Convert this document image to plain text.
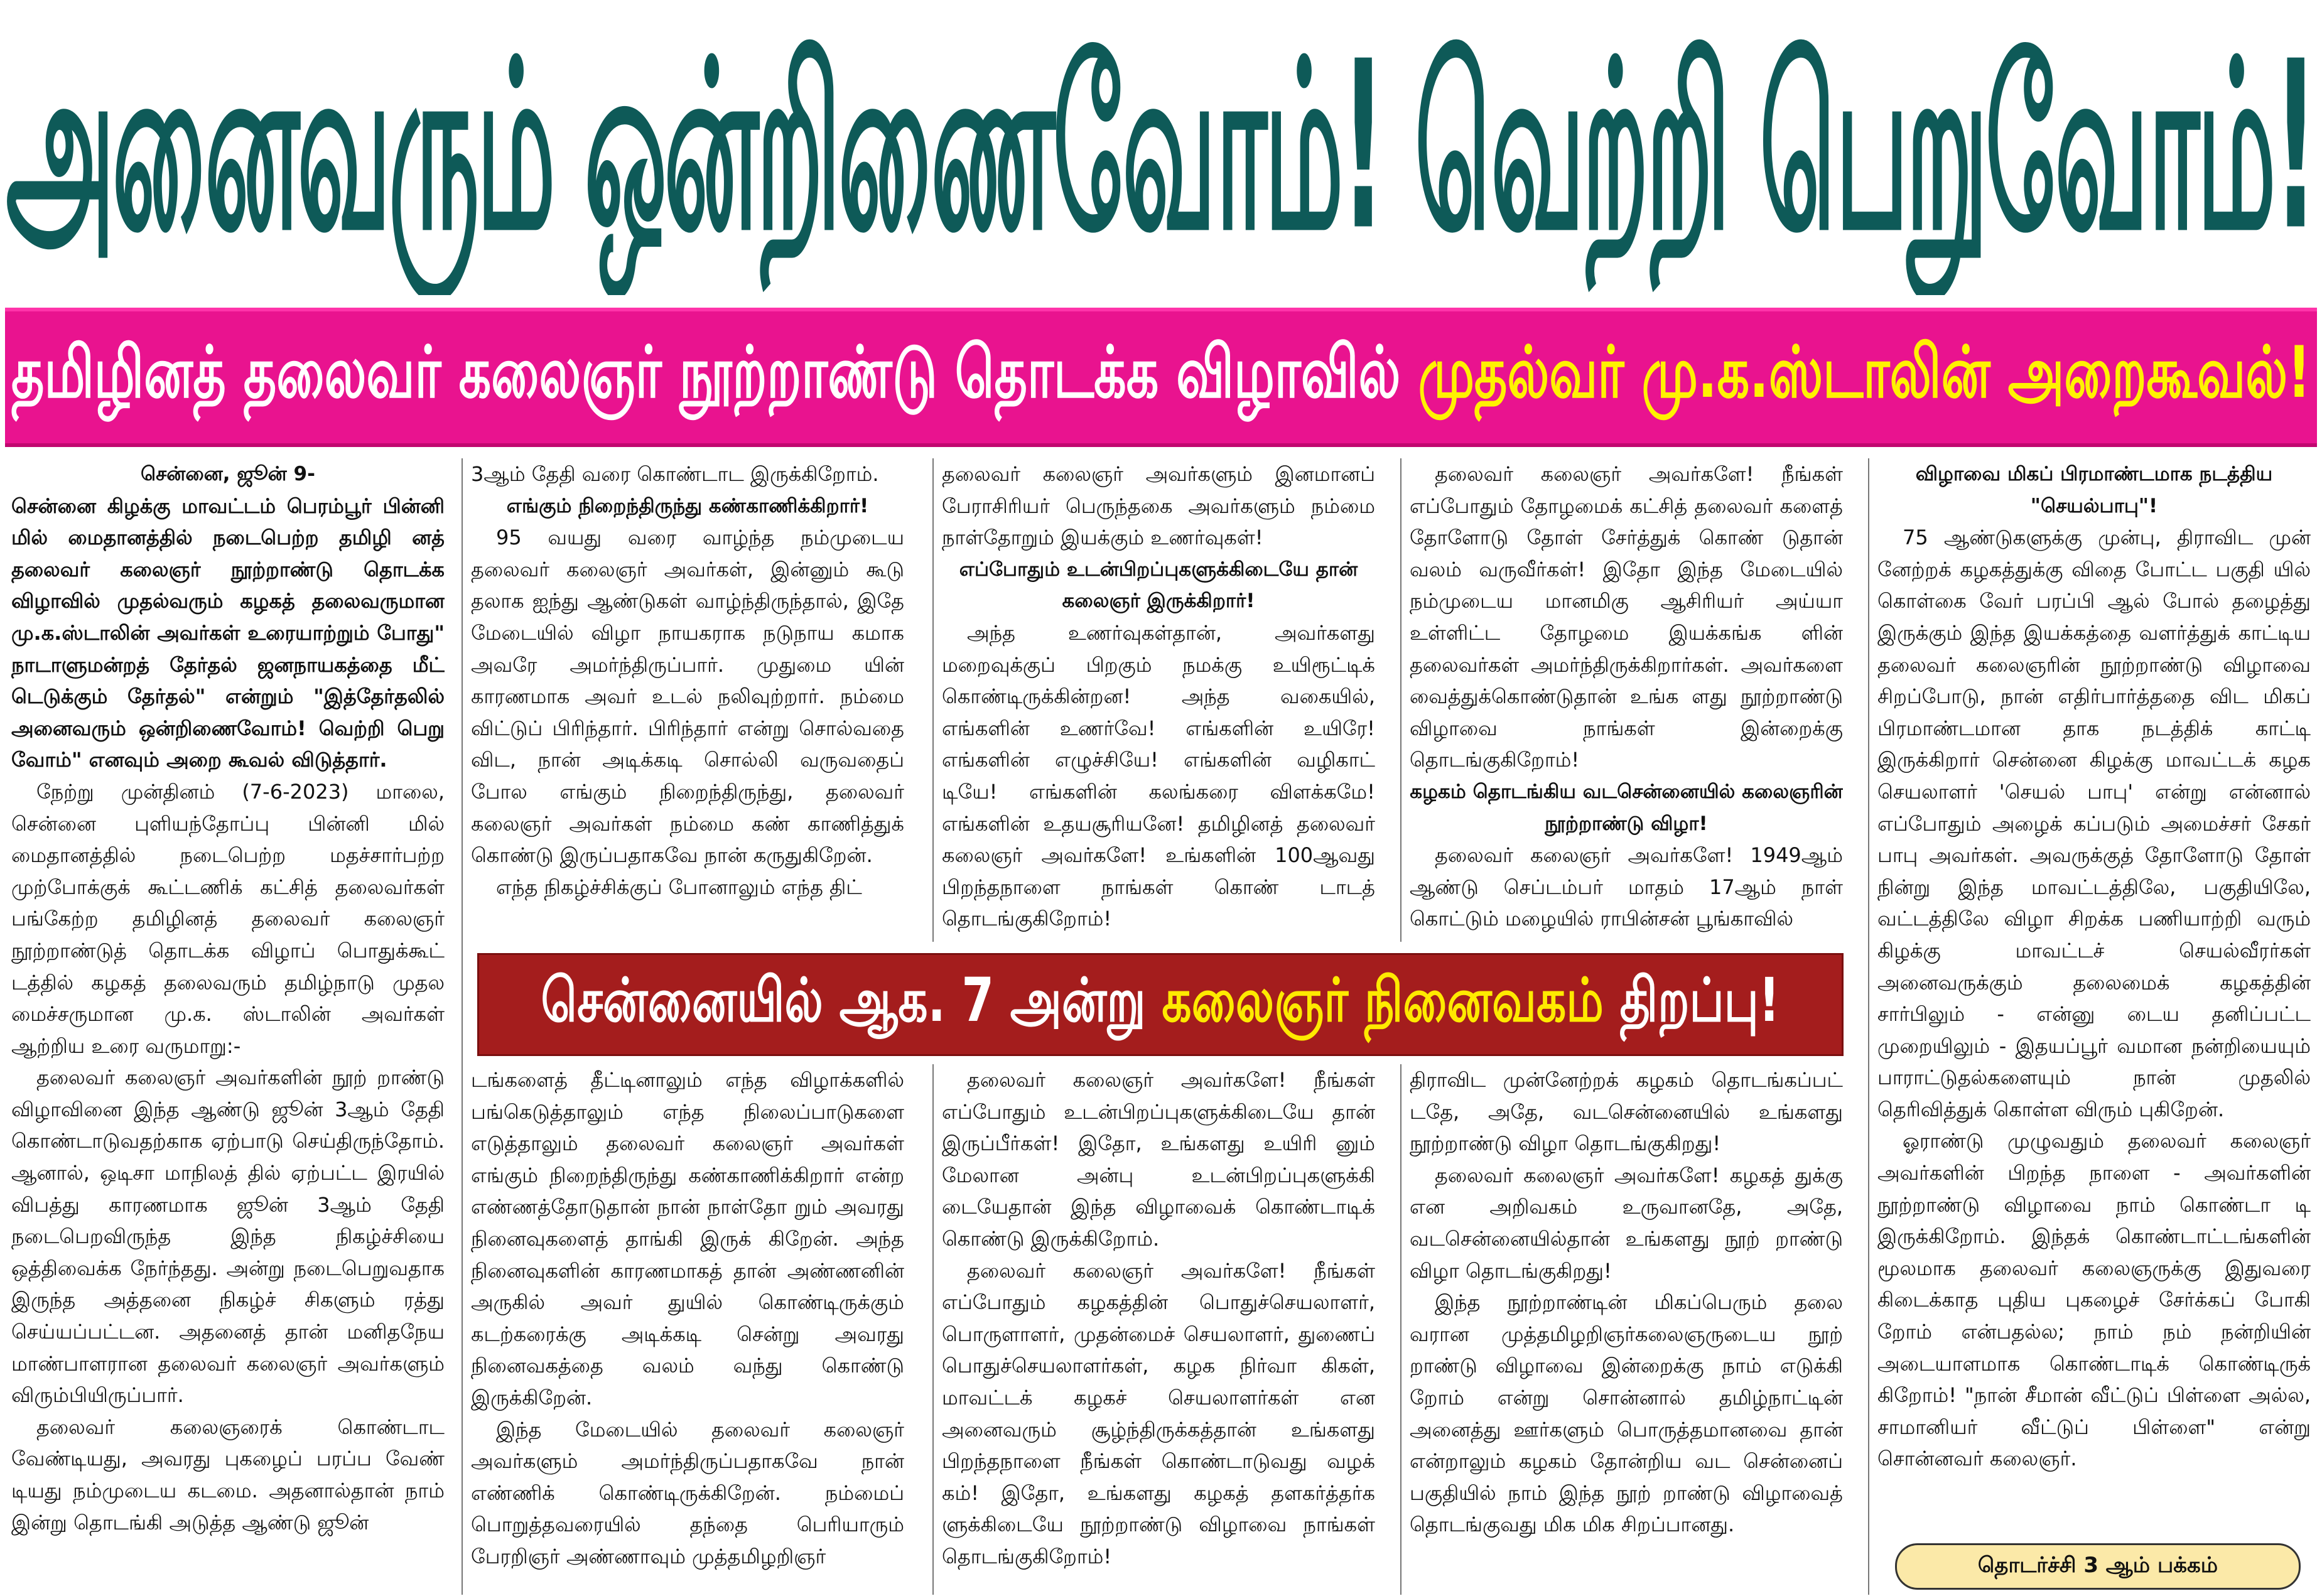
அனைவரும் ஒன்றிணைவோம்! வெற்றி பெறுவோம்!
தமிழினத் தலைவர் கலைஞர் நூற்றாண்டு தொடக்க விழாவில் முதல்வர் மு.க.ஸ்டாலின் அறைகூவல்!

சென்னை, ஜூன் 9-

சென்னை கிழக்கு மாவட்டம் பெரம்பூர் பின்னி மில் மைதானத்தில் நடைபெற்ற தமிழி னத் தலைவர் கலைஞர் நூற்றாண்டு தொடக்க விழாவில் முதல்வரும் கழகத் தலைவருமான மு.க.ஸ்டாலின் அவர்கள் உரையாற்றும் போது" நாடாளுமன்றத் தேர்தல் ஜனநாயகத்தை மீட் டெடுக்கும் தேர்தல்" என்றும் "இத்தேர்தலில் அனைவரும் ஒன்றிணைவோம்! வெற்றி பெறு வோம்" எனவும் அறை கூவல் விடுத்தார்.

நேற்று முன்தினம் (7-6-2023) மாலை, சென்னை புளியந்தோப்பு பின்னி மில் மைதானத்தில் நடைபெற்ற மதச்சார்பற்ற முற்போக்குக் கூட்டணிக் கட்சித் தலைவர்கள் பங்கேற்ற தமிழினத் தலைவர் கலைஞர் நூற்றாண்டுத் தொடக்க விழாப் பொதுக்கூட் டத்தில் கழகத் தலைவரும் தமிழ்நாடு முதல மைச்சருமான மு.க. ஸ்டாலின் அவர்கள் ஆற்றிய உரை வருமாறு:-

தலைவர் கலைஞர் அவர்களின் நூற் றாண்டு விழாவினை இந்த ஆண்டு ஜூன் 3ஆம் தேதி கொண்டாடுவதற்காக ஏற்பாடு செய்திருந்தோம். ஆனால், ஒடிசா மாநிலத் தில் ஏற்பட்ட இரயில் விபத்து காரணமாக ஜூன் 3ஆம் தேதி நடைபெறவிருந்த இந்த நிகழ்ச்சியை ஒத்திவைக்க நேர்ந்தது. அன்று நடைபெறுவதாக இருந்த அத்தனை நிகழ்ச் சிகளும் ரத்து செய்யப்பட்டன. அதனைத் தான் மனிதநேய மாண்பாளரான தலைவர் கலைஞர் அவர்களும் விரும்பியிருப்பார்.

தலைவர் கலைஞரைக் கொண்டாட வேண்டியது, அவரது புகழைப் பரப்ப வேண் டியது நம்முடைய கடமை. அதனால்தான் நாம் இன்று தொடங்கி அடுத்த ஆண்டு ஜூன்

3ஆம் தேதி வரை கொண்டாட இருக்கிறோம்.

எங்கும் நிறைந்திருந்து கண்காணிக்கிறார்!

95 வயது வரை வாழ்ந்த நம்முடைய தலைவர் கலைஞர் அவர்கள், இன்னும் கூடு தலாக ஐந்து ஆண்டுகள் வாழ்ந்திருந்தால், இதே மேடையில் விழா நாயகராக நடுநாய கமாக அவரே அமர்ந்திருப்பார். முதுமை யின் காரணமாக அவர் உடல் நலிவுற்றார். நம்மை விட்டுப் பிரிந்தார். பிரிந்தார் என்று சொல்வதை விட, நான் அடிக்கடி சொல்லி வருவதைப் போல எங்கும் நிறைந்திருந்து, தலைவர் கலைஞர் அவர்கள் நம்மை கண் காணித்துக் கொண்டு இருப்பதாகவே நான் கருதுகிறேன்.

எந்த நிகழ்ச்சிக்குப் போனாலும் எந்த திட்

தலைவர் கலைஞர் அவர்களும் இனமானப் பேராசிரியர் பெருந்தகை அவர்களும் நம்மை நாள்தோறும் இயக்கும் உணர்வுகள்!

எப்போதும் உடன்பிறப்புகளுக்கிடையே தான் கலைஞர் இருக்கிறார்!

அந்த உணர்வுகள்தான், அவர்களது மறைவுக்குப் பிறகும் நமக்கு உயிரூட்டிக் கொண்டிருக்கின்றன! அந்த வகையில், எங்களின் உணர்வே! எங்களின் உயிரே! எங்களின் எழுச்சியே! எங்களின் வழிகாட் டியே! எங்களின் கலங்கரை விளக்கமே! எங்களின் உதயசூரியனே! தமிழினத் தலைவர் கலைஞர் அவர்களே! உங்களின் 100ஆவது பிறந்தநாளை நாங்கள் கொண் டாடத் தொடங்குகிறோம்!

தலைவர் கலைஞர் அவர்களே! நீங்கள் எப்போதும் தோழமைக் கட்சித் தலைவர் களைத் தோளோடு தோள் சேர்த்துக் கொண் டுதான் வலம் வருவீர்கள்! இதோ இந்த மேடையில் நம்முடைய மானமிகு ஆசிரியர் அய்யா உள்ளிட்ட தோழமை இயக்கங்க ளின் தலைவர்கள் அமர்ந்திருக்கிறார்கள். அவர்களை வைத்துக்கொண்டுதான் உங்க ளது நூற்றாண்டு விழாவை நாங்கள் இன்றைக்கு தொடங்குகிறோம்!

கழகம் தொடங்கிய வடசென்னையில் கலைஞரின் நூற்றாண்டு விழா!

தலைவர் கலைஞர் அவர்களே! 1949ஆம் ஆண்டு செப்டம்பர் மாதம் 17ஆம் நாள் கொட்டும் மழையில் ராபின்சன் பூங்காவில்

விழாவை மிகப் பிரமாண்டமாக நடத்திய "செயல்பாபு"!

75 ஆண்டுகளுக்கு முன்பு, திராவிட முன் னேற்றக் கழகத்துக்கு விதை போட்ட பகுதி யில் கொள்கை வேர் பரப்பி ஆல் போல் தழைத்து இருக்கும் இந்த இயக்கத்தை வளர்த்துக் காட்டிய தலைவர் கலைஞரின் நூற்றாண்டு விழாவை சிறப்போடு, நான் எதிர்பார்த்ததை விட மிகப் பிரமாண்டமான தாக நடத்திக் காட்டி இருக்கிறார் சென்னை கிழக்கு மாவட்டக் கழக செயலாளர் 'செயல் பாபு' என்று என்னால் எப்போதும் அழைக் கப்படும் அமைச்சர் சேகர் பாபு அவர்கள். அவருக்குத் தோளோடு தோள் நின்று இந்த மாவட்டத்திலே, பகுதியிலே, வட்டத்திலே விழா சிறக்க பணியாற்றி வரும் கிழக்கு மாவட்டச் செயல்வீரர்கள் அனைவருக்கும் தலைமைக் கழகத்தின் சார்பிலும் - என்னு டைய தனிப்பட்ட முறையிலும் - இதயப்பூர் வமான நன்றியையும் பாராட்டுதல்களையும் நான் முதலில் தெரிவித்துக் கொள்ள விரும் புகிறேன்.

ஓராண்டு முழுவதும் தலைவர் கலைஞர் அவர்களின் பிறந்த நாளை - அவர்களின் நூற்றாண்டு விழாவை நாம் கொண்டா டி இருக்கிறோம். இந்தக் கொண்டாட்டங்களின் மூலமாக தலைவர் கலைஞருக்கு இதுவரை கிடைக்காத புதிய புகழைச் சேர்க்கப் போகி றோம் என்பதல்ல; நாம் நம் நன்றியின் அடையாளமாக கொண்டாடிக் கொண்டிருக் கிறோம்! "நான் சீமான் வீட்டுப் பிள்ளை அல்ல, சாமானியர் வீட்டுப் பிள்ளை" என்று சொன்னவர் கலைஞர்.

சென்னையில் ஆக. 7 அன்று கலைஞர் நினைவகம் திறப்பு!

டங்களைத் தீட்டினாலும் எந்த விழாக்களில் பங்கெடுத்தாலும் எந்த நிலைப்பாடுகளை எடுத்தாலும் தலைவர் கலைஞர் அவர்கள் எங்கும் நிறைந்திருந்து கண்காணிக்கிறார் என்ற எண்ணத்தோடுதான் நான் நாள்தோ றும் அவரது நினைவுகளைத் தாங்கி இருக் கிறேன். அந்த நினைவுகளின் காரணமாகத் தான் அண்ணனின் அருகில் அவர் துயில் கொண்டிருக்கும் கடற்கரைக்கு அடிக்கடி சென்று அவரது நினைவகத்தை வலம் வந்து கொண்டு இருக்கிறேன்.

இந்த மேடையில் தலைவர் கலைஞர் அவர்களும் அமர்ந்திருப்பதாகவே நான் எண்ணிக் கொண்டிருக்கிறேன். நம்மைப் பொறுத்தவரையில் தந்தை பெரியாரும் பேரறிஞர் அண்ணாவும் முத்தமிழறிஞர்

தலைவர் கலைஞர் அவர்களே! நீங்கள் எப்போதும் உடன்பிறப்புகளுக்கிடையே தான் இருப்பீர்கள்! இதோ, உங்களது உயிரி னும் மேலான அன்பு உடன்பிறப்புகளுக்கி டையேதான் இந்த விழாவைக் கொண்டாடிக் கொண்டு இருக்கிறோம்.

தலைவர் கலைஞர் அவர்களே! நீங்கள் எப்போதும் கழகத்தின் பொதுச்செயலாளர், பொருளாளர், முதன்மைச் செயலாளர், துணைப் பொதுச்செயலாளர்கள், கழக நிர்வா கிகள், மாவட்டக் கழகச் செயலாளர்கள் என அனைவரும் சூழ்ந்திருக்கத்தான் உங்களது பிறந்தநாளை நீங்கள் கொண்டாடுவது வழக் கம்! இதோ, உங்களது கழகத் தளகர்த்தர்க ளுக்கிடையே நூற்றாண்டு விழாவை நாங்கள் தொடங்குகிறோம்!

திராவிட முன்னேற்றக் கழகம் தொடங்கப்பட் டதே, அதே, வடசென்னையில் உங்களது நூற்றாண்டு விழா தொடங்குகிறது!

தலைவர் கலைஞர் அவர்களே! கழகத் துக்கு என அறிவகம் உருவானதே, அதே, வடசென்னையில்தான் உங்களது நூற் றாண்டு விழா தொடங்குகிறது!

இந்த நூற்றாண்டின் மிகப்பெரும் தலை வரான முத்தமிழறிஞர்கலைஞருடைய நூற் றாண்டு விழாவை இன்றைக்கு நாம் எடுக்கி றோம் என்று சொன்னால் தமிழ்நாட்டின் அனைத்து ஊர்களும் பொருத்தமானவை தான் என்றாலும் கழகம் தோன்றிய வட சென்னைப் பகுதியில் நாம் இந்த நூற் றாண்டு விழாவைத் தொடங்குவது மிக மிக சிறப்பானது.

தொடர்ச்சி 3 ஆம் பக்கம்
